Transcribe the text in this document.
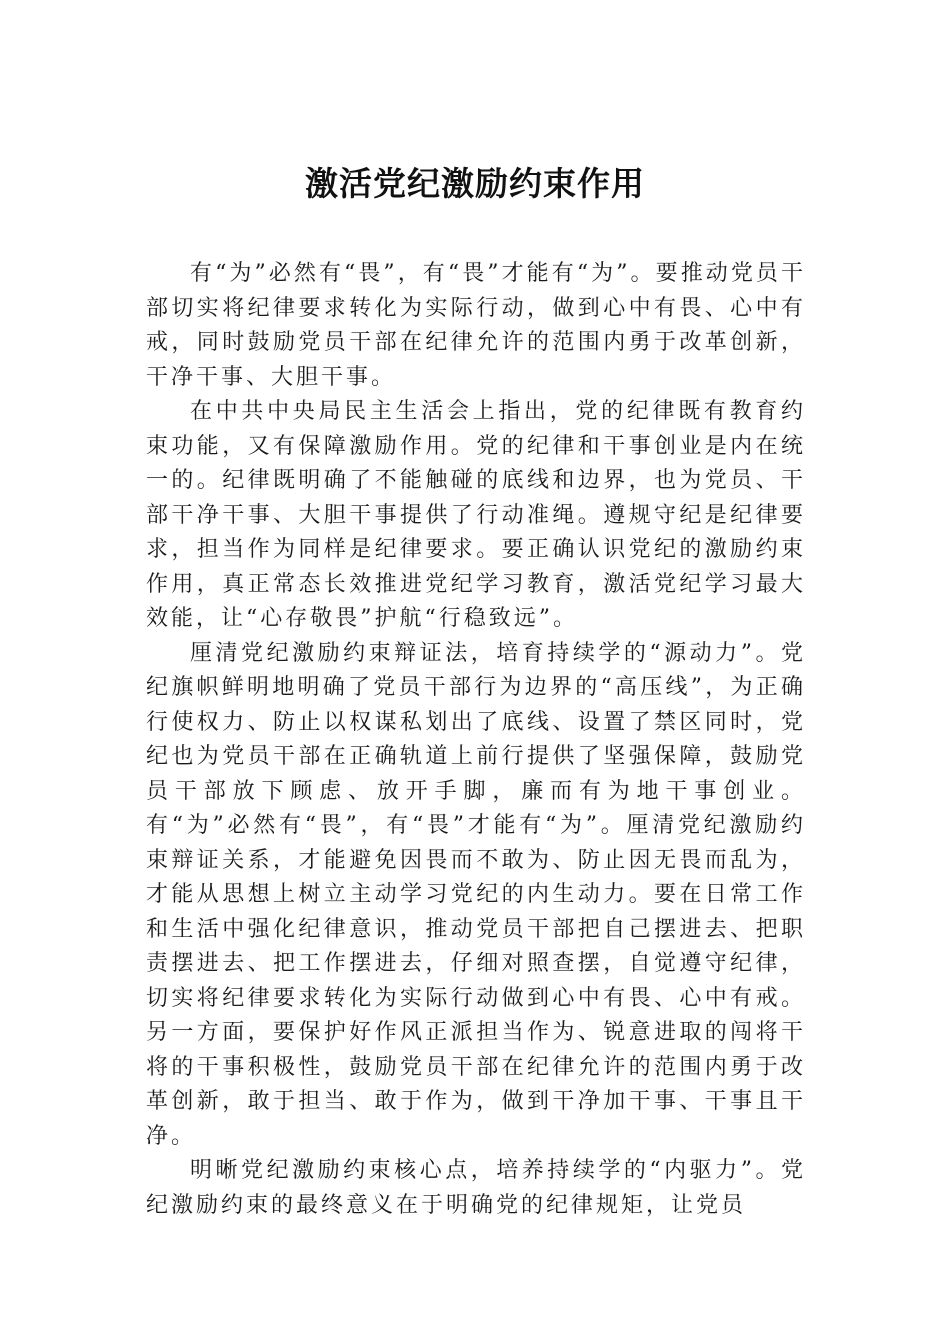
激活党纪激励约束作用

有“为”必然有“畏”，有“畏”才能有“为”。要推动党员干部切实将纪律要求转化为实际行动，做到心中有畏、心中有戒，同时鼓励党员干部在纪律允许的范围内勇于改革创新，干净干事、大胆干事。

在中共中央局民主生活会上指出，党的纪律既有教育约束功能，又有保障激励作用。党的纪律和干事创业是内在统一的。纪律既明确了不能触碰的底线和边界，也为党员、干部干净干事、大胆干事提供了行动准绳。遵规守纪是纪律要求，担当作为同样是纪律要求。要正确认识党纪的激励约束作用，真正常态长效推进党纪学习教育，激活党纪学习最大效能，让“心存敬畏”护航“行稳致远”。

厘清党纪激励约束辩证法，培育持续学的“源动力”。党纪旗帜鲜明地明确了党员干部行为边界的“高压线”，为正确行使权力、防止以权谋私划出了底线、设置了禁区同时，党纪也为党员干部在正确轨道上前行提供了坚强保障，鼓励党员干部放下顾虑、放开手脚，廉而有为地干事创业。有“为”必然有“畏”，有“畏”才能有“为”。厘清党纪激励约束辩证关系，才能避免因畏而不敢为、防止因无畏而乱为，才能从思想上树立主动学习党纪的内生动力。要在日常工作和生活中强化纪律意识，推动党员干部把自己摆进去、把职责摆进去、把工作摆进去，仔细对照查摆，自觉遵守纪律，切实将纪律要求转化为实际行动做到心中有畏、心中有戒。另一方面，要保护好作风正派担当作为、锐意进取的闯将干将的干事积极性，鼓励党员干部在纪律允许的范围内勇于改革创新，敢于担当、敢于作为，做到干净加干事、干事且干净。

明晰党纪激励约束核心点，培养持续学的“内驱力”。党纪激励约束的最终意义在于明确党的纪律规矩，让党员
